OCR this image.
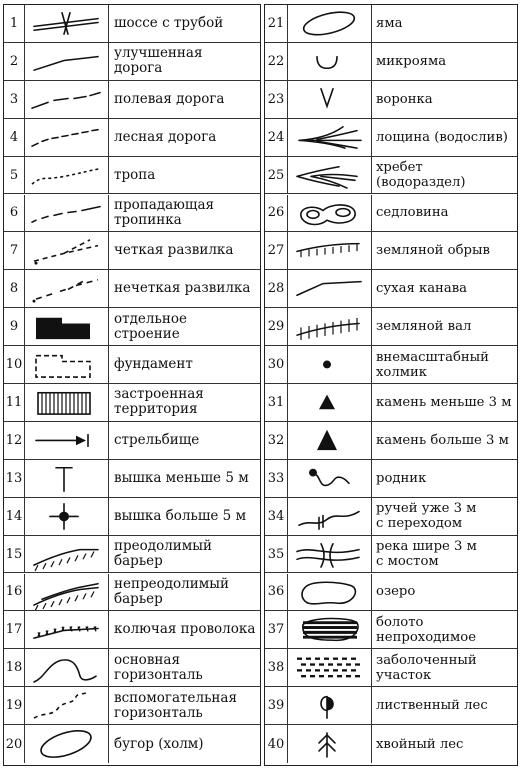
1	шоссе с трубой
2	улучшенная
дорога
3	полевая дорога
4	лесная дорога
5	тропа
6	пропадающая
тропинка
7	четкая развилка
8	нечеткая развилка
9	отдельное
строение
10	фундамент
11	застроенная
территория
12	стрельбище
13	вышка меньше 5 м
14	вышка больше 5 м
15	преодолимый
барьер
16	непреодолимый
барьер
17	колючая проволока
18	основная
горизонталь
19	вспомогательная
горизонталь
20	бугор (холм)
21	яма
22	микрояма
23	воронка
24	лощина (водослив)
25	хребет (водораздел)
26	седловина
27	земляной обрыв
28	сухая канава
29	земляной вал
30	внемасштабный
холмик
31	камень меньше 3 м
32	камень больше 3 м
33	родник
34	ручей уже 3 м
с переходом
35	река шире 3 м
с мостом
36	озеро
37	болото
непроходимое
38	заболоченный
участок
39	лиственный лес
40	хвойный лес
